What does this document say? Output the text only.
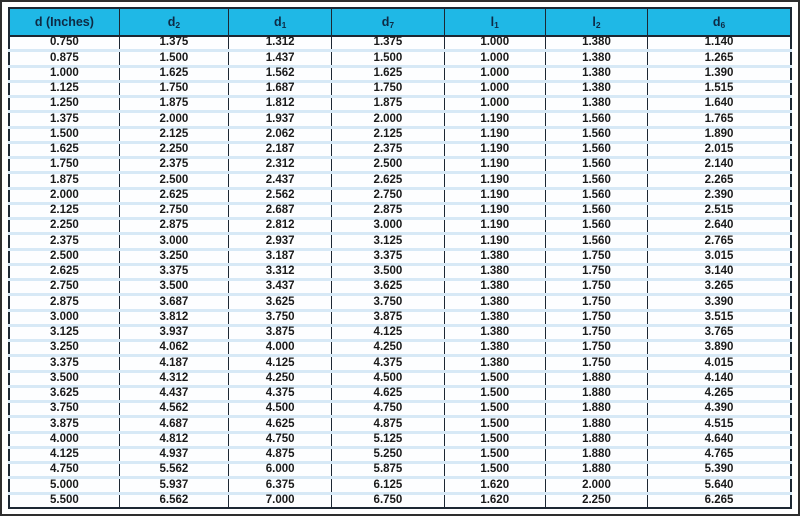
d (Inches)	$d_2$	$d_1$	$d_7$	$l_1$	$l_2$	$d_6$
0.750	1.375	1.312	1.375	1.000	1.380	1.140
0.875	1.500	1.437	1.500	1.000	1.380	1.265
1.000	1.625	1.562	1.625	1.000	1.380	1.390
1.125	1.750	1.687	1.750	1.000	1.380	1.515
1.250	1.875	1.812	1.875	1.000	1.380	1.640
1.375	2.000	1.937	2.000	1.190	1.560	1.765
1.500	2.125	2.062	2.125	1.190	1.560	1.890
1.625	2.250	2.187	2.375	1.190	1.560	2.015
1.750	2.375	2.312	2.500	1.190	1.560	2.140
1.875	2.500	2.437	2.625	1.190	1.560	2.265
2.000	2.625	2.562	2.750	1.190	1.560	2.390
2.125	2.750	2.687	2.875	1.190	1.560	2.515
2.250	2.875	2.812	3.000	1.190	1.560	2.640
2.375	3.000	2.937	3.125	1.190	1.560	2.765
2.500	3.250	3.187	3.375	1.380	1.750	3.015
2.625	3.375	3.312	3.500	1.380	1.750	3.140
2.750	3.500	3.437	3.625	1.380	1.750	3.265
2.875	3.687	3.625	3.750	1.380	1.750	3.390
3.000	3.812	3.750	3.875	1.380	1.750	3.515
3.125	3.937	3.875	4.125	1.380	1.750	3.765
3.250	4.062	4.000	4.250	1.380	1.750	3.890
3.375	4.187	4.125	4.375	1.380	1.750	4.015
3.500	4.312	4.250	4.500	1.500	1.880	4.140
3.625	4.437	4.375	4.625	1.500	1.880	4.265
3.750	4.562	4.500	4.750	1.500	1.880	4.390
3.875	4.687	4.625	4.875	1.500	1.880	4.515
4.000	4.812	4.750	5.125	1.500	1.880	4.640
4.125	4.937	4.875	5.250	1.500	1.880	4.765
4.750	5.562	6.000	5.875	1.500	1.880	5.390
5.000	5.937	6.375	6.125	1.620	2.000	5.640
5.500	6.562	7.000	6.750	1.620	2.250	6.265
